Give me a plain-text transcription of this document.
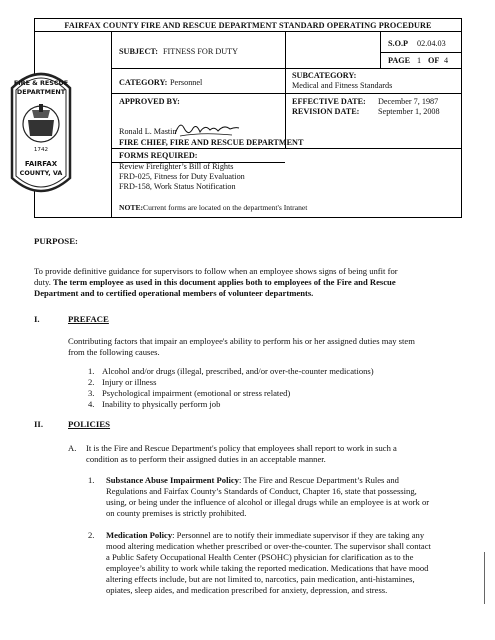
FAIRFAX COUNTY FIRE AND RESCUE DEPARTMENT STANDARD OPERATING PROCEDURE
FIRE & RESCUE
DEPARTMENT
1742
FAIRFAX
COUNTY, VA
SUBJECT: FITNESS FOR DUTY
S.O.P 02.04.03
PAGE 1 OF 4
CATEGORY: Personnel
SUBCATEGORY:
Medical and Fitness Standards
APPROVED BY:	EFFECTIVE DATE: December 7, 1987
REVISION DATE: September 1, 2008
Ronald L. Mastin
FIRE CHIEF, FIRE AND RESCUE DEPARTMENT
FORMS REQUIRED:
Review Firefighter’s Bill of Rights
FRD-025, Fitness for Duty Evaluation
FRD-158, Work Status Notification
NOTE: Current forms are located on the department's Intranet
PURPOSE:
To provide definitive guidance for supervisors to follow when an employee shows signs of being unfit for
duty. The term employee as used in this document applies both to employees of the Fire and Rescue
Department and to certified operational members of volunteer departments.
I.	PREFACE
Contributing factors that impair an employee's ability to perform his or her assigned duties may stem
from the following causes.
1. Alcohol and/or drugs (illegal, prescribed, and/or over-the-counter medications)
2. Injury or illness
3. Psychological impairment (emotional or stress related)
4. Inability to physically perform job
II.	POLICIES
A. It is the Fire and Rescue Department's policy that employees shall report to work in such a
condition as to perform their assigned duties in an acceptable manner.
1. Substance Abuse Impairment Policy: The Fire and Rescue Department’s Rules and
Regulations and Fairfax County’s Standards of Conduct, Chapter 16, state that possessing,
using, or being under the influence of alcohol or illegal drugs while an employee is at work or
on county premises is strictly prohibited.
2. Medication Policy: Personnel are to notify their immediate supervisor if they are taking any
mood altering medication whether prescribed or over-the-counter. The supervisor shall contact
a Public Safety Occupational Health Center (PSOHC) physician for clarification as to the
employee’s ability to work while taking the reported medication. Medications that have mood
altering effects include, but are not limited to, narcotics, pain medication, anti-histamines,
opiates, sleep aides, and medication prescribed for anxiety, depression, and stress.
